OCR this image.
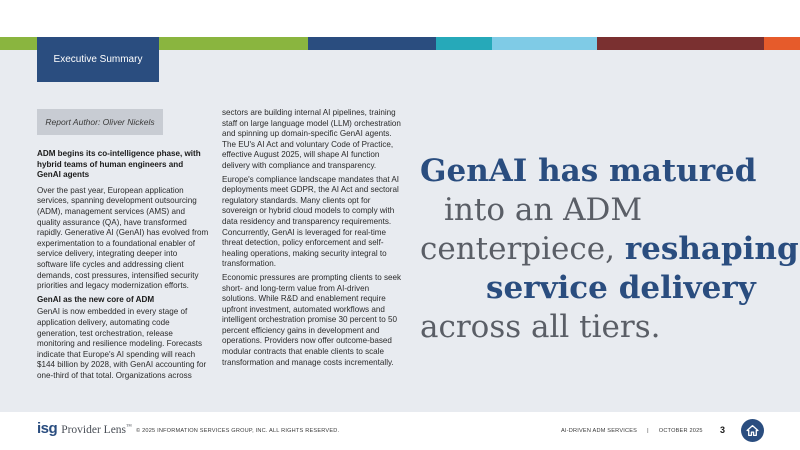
Executive Summary
Report Author: Oliver Nickels

ADM begins its co-intelligence phase, with hybrid teams of human engineers and GenAI agents

Over the past year, European application services, spanning development outsourcing (ADM), management services (AMS) and quality assurance (QA), have transformed rapidly. Generative AI (GenAI) has evolved from experimentation to a foundational enabler of service delivery, integrating deeper into software life cycles and addressing client demands, cost pressures, intensified security priorities and legacy modernization efforts.

GenAI as the new core of ADM

GenAI is now embedded in every stage of application delivery, automating code generation, test orchestration, release monitoring and resilience modeling. Forecasts indicate that Europe's AI spending will reach $144 billion by 2028, with GenAI accounting for one-third of that total. Organizations across

sectors are building internal AI pipelines, training staff on large language model (LLM) orchestration and spinning up domain-specific GenAI agents. The EU's AI Act and voluntary Code of Practice, effective August 2025, will shape AI function delivery with compliance and transparency.

Europe's compliance landscape mandates that AI deployments meet GDPR, the AI Act and sectoral regulatory standards. Many clients opt for sovereign or hybrid cloud models to comply with data residency and transparency requirements. Concurrently, GenAI is leveraged for real-time threat detection, policy enforcement and self-healing operations, making security integral to transformation.

Economic pressures are prompting clients to seek short- and long-term value from AI-driven solutions. While R&D and enablement require upfront investment, automated workflows and intelligent orchestration promise 30 percent to 50 percent efficiency gains in development and operations. Providers now offer outcome-based modular contracts that enable clients to scale transformation and manage costs incrementally.

GenAI has matured
into an ADM
centerpiece, reshaping
service delivery
across all tiers.
isg Provider Lens™
© 2025 INFORMATION SERVICES GROUP, INC. ALL RIGHTS RESERVED.	AI-DRIVEN ADM SERVICES | OCTOBER 2025 3
